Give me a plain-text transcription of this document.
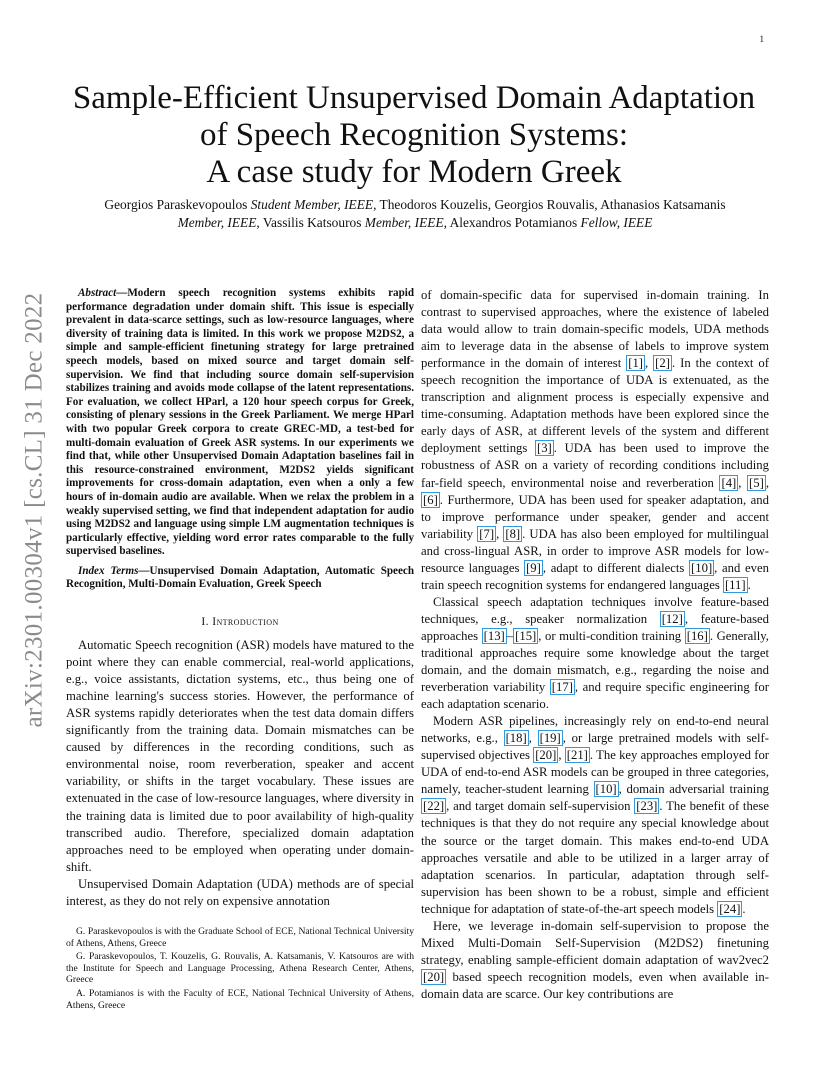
1
arXiv:2301.00304v1 [cs.CL] 31 Dec 2022
Sample-Efficient Unsupervised Domain Adaptation
of Speech Recognition Systems:
A case study for Modern Greek

Georgios Paraskevopoulos Student Member, IEEE, Theodoros Kouzelis, Georgios Rouvalis, Athanasios Katsamanis Member, IEEE, Vassilis Katsouros Member, IEEE, Alexandros Potamianos Fellow, IEEE

Abstract—Modern speech recognition systems exhibits rapid performance degradation under domain shift. This issue is especially prevalent in data-scarce settings, such as low-resource languages, where diversity of training data is limited. In this work we propose M2DS2, a simple and sample-efficient finetuning strategy for large pretrained speech models, based on mixed source and target domain self-supervision. We find that including source domain self-supervision stabilizes training and avoids mode collapse of the latent representations. For evaluation, we collect HParl, a 120 hour speech corpus for Greek, consisting of plenary sessions in the Greek Parliament. We merge HParl with two popular Greek corpora to create GREC-MD, a test-bed for multi-domain evaluation of Greek ASR systems. In our experiments we find that, while other Unsupervised Domain Adaptation baselines fail in this resource-constrained environment, M2DS2 yields significant improvements for cross-domain adaptation, even when a only a few hours of in-domain audio are available. When we relax the problem in a weakly supervised setting, we find that independent adaptation for audio using M2DS2 and language using simple LM augmentation techniques is particularly effective, yielding word error rates comparable to the fully supervised baselines.

Index Terms—Unsupervised Domain Adaptation, Automatic Speech Recognition, Multi-Domain Evaluation, Greek Speech

I. Introduction

Automatic Speech recognition (ASR) models have matured to the point where they can enable commercial, real-world applications, e.g., voice assistants, dictation systems, etc., thus being one of machine learning's success stories. However, the performance of ASR systems rapidly deteriorates when the test data domain differs significantly from the training data. Domain mismatches can be caused by differences in the recording conditions, such as environmental noise, room reverberation, speaker and accent variability, or shifts in the target vocabulary. These issues are extenuated in the case of low-resource languages, where diversity in the training data is limited due to poor availability of high-quality transcribed audio. Therefore, specialized domain adaptation approaches need to be employed when operating under domain-shift.

Unsupervised Domain Adaptation (UDA) methods are of special interest, as they do not rely on expensive annotation

G. Paraskevopoulos is with the Graduate School of ECE, National Technical University of Athens, Athens, Greece

G. Paraskevopoulos, T. Kouzelis, G. Rouvalis, A. Katsamanis, V. Katsouros are with the Institute for Speech and Language Processing, Athena Research Center, Athens, Greece

A. Potamianos is with the Faculty of ECE, National Technical University of Athens, Athens, Greece

of domain-specific data for supervised in-domain training. In contrast to supervised approaches, where the existence of labeled data would allow to train domain-specific models, UDA methods aim to leverage data in the absense of labels to improve system performance in the domain of interest [1] , [2] . In the context of speech recognition the importance of UDA is extenuated, as the transcription and alignment process is especially expensive and time-consuming. Adaptation methods have been explored since the early days of ASR, at different levels of the system and different deployment settings [3] . UDA has been used to improve the robustness of ASR on a variety of recording conditions including far-field speech, environmental noise and reverberation [4] , [5] , [6] . Furthermore, UDA has been used for speaker adaptation, and to improve performance under speaker, gender and accent variability [7] , [8] . UDA has also been employed for multilingual and cross-lingual ASR, in order to improve ASR models for low-resource languages [9] , adapt to different dialects [10] , and even train speech recognition systems for endangered languages [11] .

Classical speech adaptation techniques involve feature-based techniques, e.g., speaker normalization [12] , feature-based approaches [13] – [15] , or multi-condition training [16] . Generally, traditional approaches require some knowledge about the target domain, and the domain mismatch, e.g., regarding the noise and reverberation variability [17] , and require specific engineering for each adaptation scenario.

Modern ASR pipelines, increasingly rely on end-to-end neural networks, e.g., [18] , [19] , or large pretrained models with self-supervised objectives [20] , [21] . The key approaches employed for UDA of end-to-end ASR models can be grouped in three categories, namely, teacher-student learning [10] , domain adversarial training [22] , and target domain self-supervision [23] . The benefit of these techniques is that they do not require any special knowledge about the source or the target domain. This makes end-to-end UDA approaches versatile and able to be utilized in a larger array of adaptation scenarios. In particular, adaptation through self-supervision has been shown to be a robust, simple and efficient technique for adaptation of state-of-the-art speech models [24] .

Here, we leverage in-domain self-supervision to propose the Mixed Multi-Domain Self-Supervision (M2DS2) finetuning strategy, enabling sample-efficient domain adaptation of wav2vec2 [20] based speech recognition models, even when available in-domain data are scarce. Our key contributions are
